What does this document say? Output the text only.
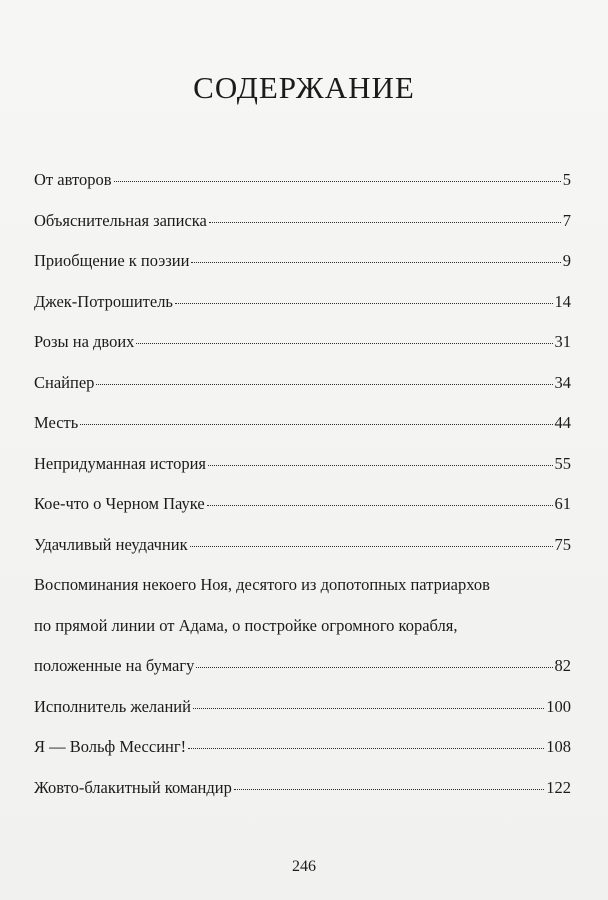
СОДЕРЖАНИЕ
От авторов	5
Объяснительная записка	7
Приобщение к поэзии	9
Джек-Потрошитель	14
Розы на двоих	31
Снайпер	34
Месть	44
Непридуманная история	55
Кое-что о Черном Пауке	61
Удачливый неудачник	75
Воспоминания некоего Ноя, десятого из допотопных патриархов
по прямой линии от Адама, о постройке огромного корабля,
положенные на бумагу	82
Исполнитель желаний	100
Я — Вольф Мессинг!	108
Жовто-блакитный командир	122
246
